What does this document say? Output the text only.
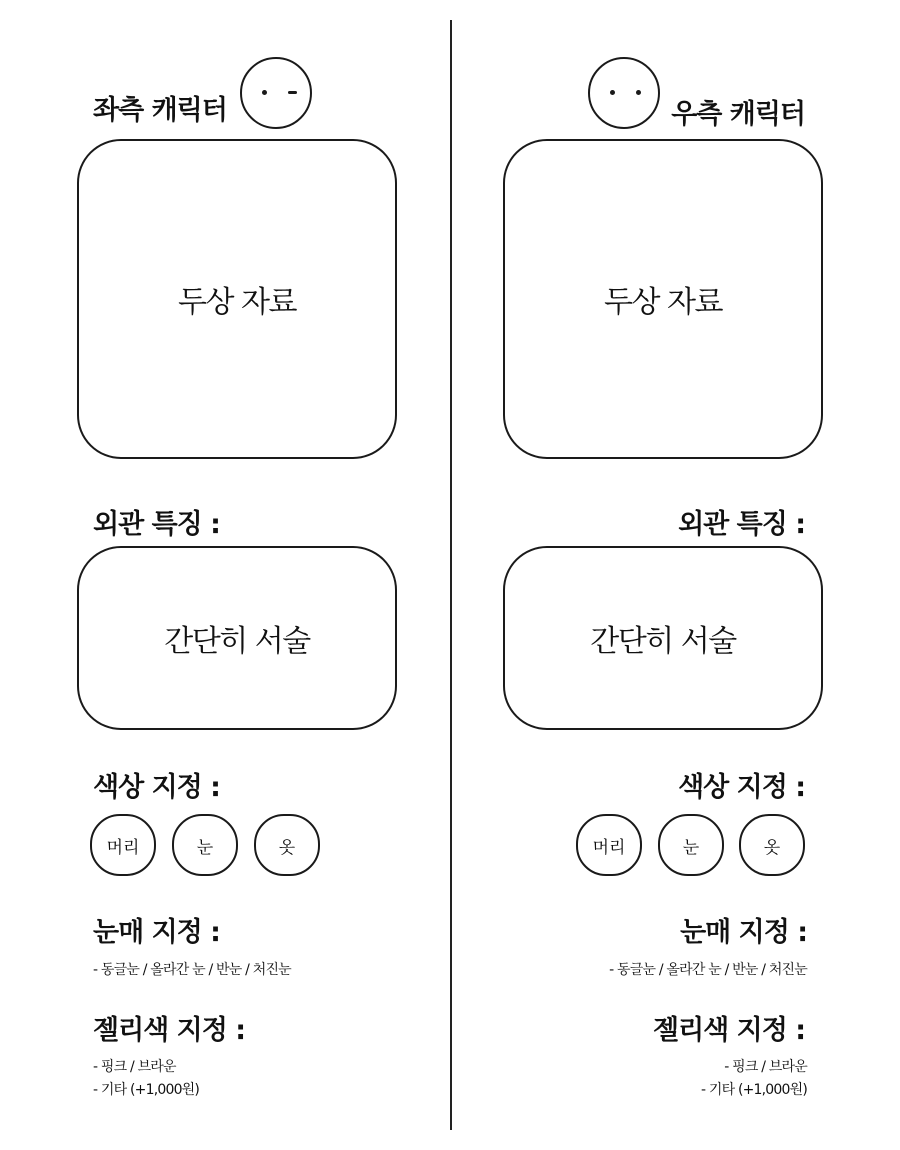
좌측 캐릭터
두상 자료
외관 특징 :
간단히 서술
색상 지정 :
머리	눈	옷
눈매 지정 :
- 동글눈 / 올라간 눈 / 반눈 / 처진눈
젤리색 지정 :
- 핑크 / 브라운
- 기타 (+1,000원)
우측 캐릭터
두상 자료
외관 특징 :
간단히 서술
색상 지정 :
머리	눈	옷
눈매 지정 :
- 동글눈 / 올라간 눈 / 반눈 / 처진눈
젤리색 지정 :
- 핑크 / 브라운
- 기타 (+1,000원)
